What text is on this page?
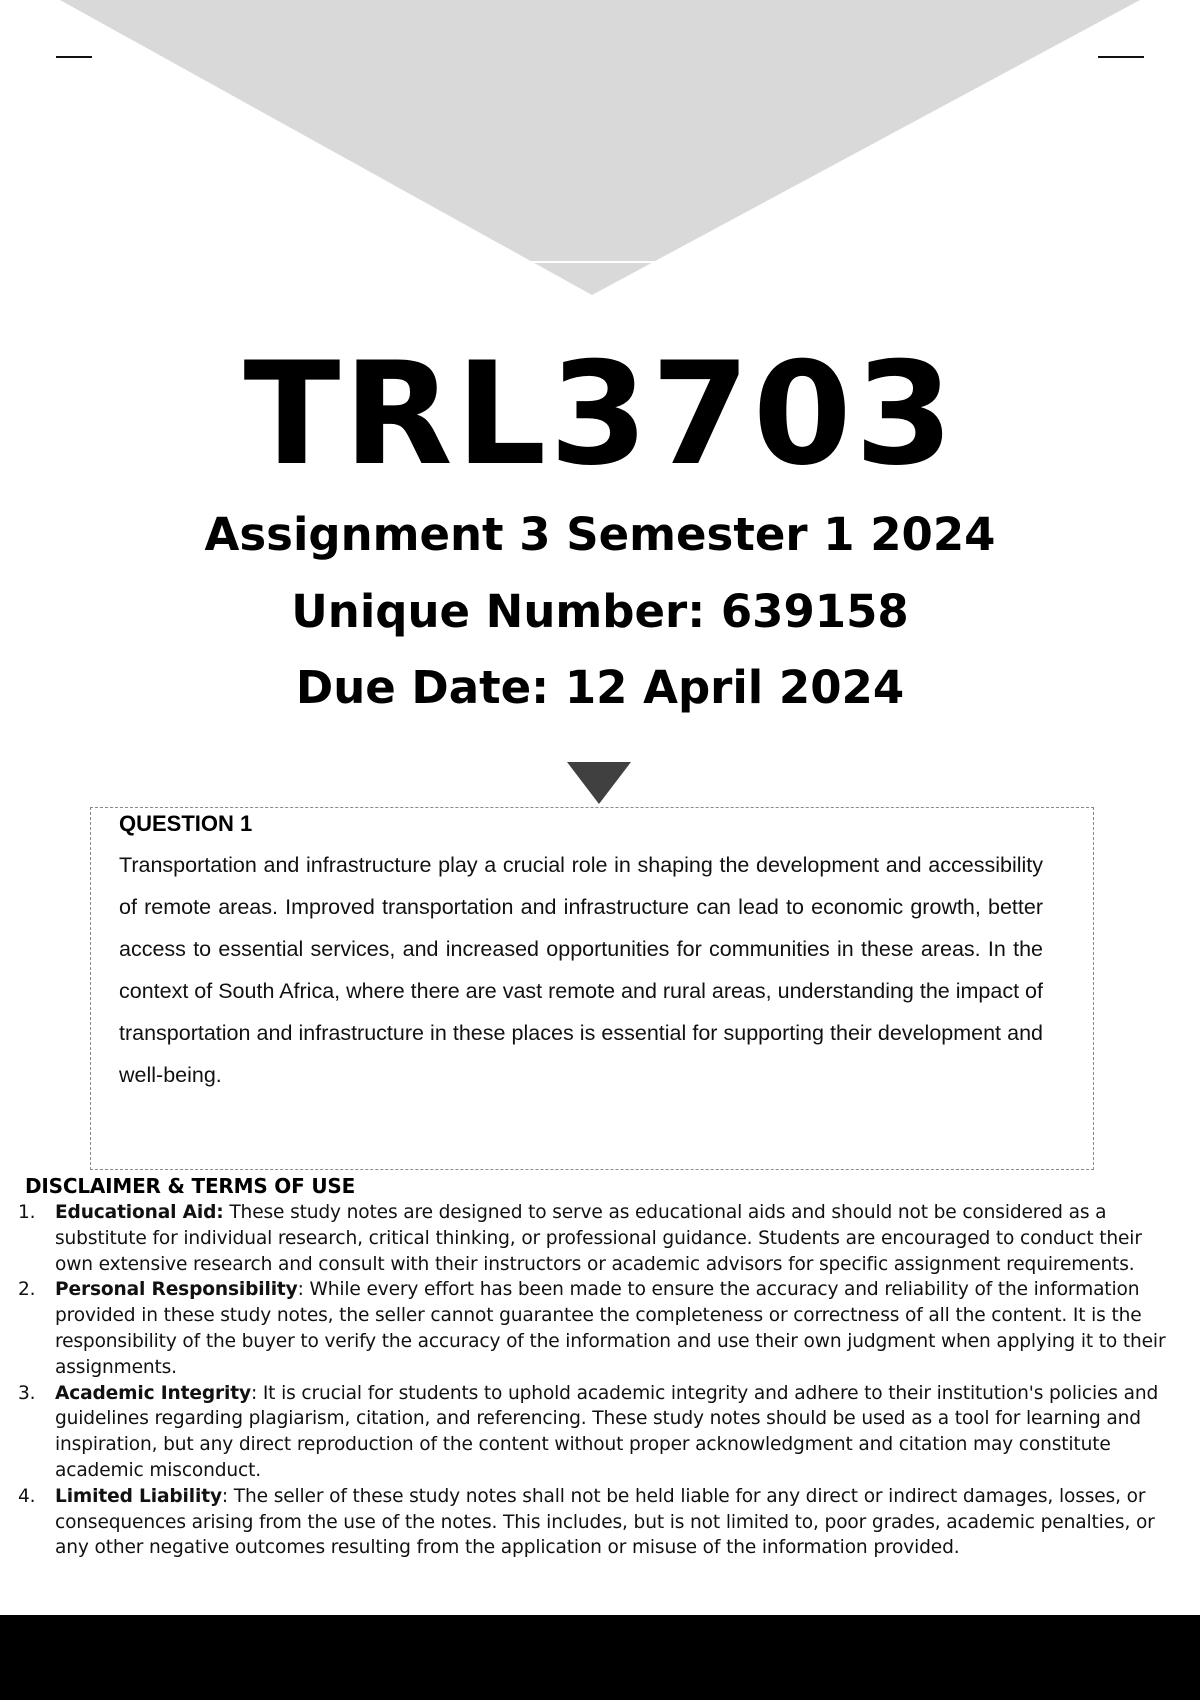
TRL3703
Assignment 3 Semester 1 2024
Unique Number: 639158
Due Date: 12 April 2024
QUESTION 1

Transportation and infrastructure play a crucial role in shaping the development and accessibility of remote areas. Improved transportation and infrastructure can lead to economic growth, better access to essential services, and increased opportunities for communities in these areas. In the context of South Africa, where there are vast remote and rural areas, understanding the impact of transportation and infrastructure in these places is essential for supporting their development and well-being.

DISCLAIMER & TERMS OF USE
1. Educational Aid: These study notes are designed to serve as educational aids and should not be considered as a substitute for individual research, critical thinking, or professional guidance. Students are encouraged to conduct their own extensive research and consult with their instructors or academic advisors for specific assignment requirements.
2. Personal Responsibility: While every effort has been made to ensure the accuracy and reliability of the information provided in these study notes, the seller cannot guarantee the completeness or correctness of all the content. It is the responsibility of the buyer to verify the accuracy of the information and use their own judgment when applying it to their assignments.
3. Academic Integrity: It is crucial for students to uphold academic integrity and adhere to their institution's policies and guidelines regarding plagiarism, citation, and referencing. These study notes should be used as a tool for learning and inspiration, but any direct reproduction of the content without proper acknowledgment and citation may constitute academic misconduct.
4. Limited Liability: The seller of these study notes shall not be held liable for any direct or indirect damages, losses, or consequences arising from the use of the notes. This includes, but is not limited to, poor grades, academic penalties, or any other negative outcomes resulting from the application or misuse of the information provided.
